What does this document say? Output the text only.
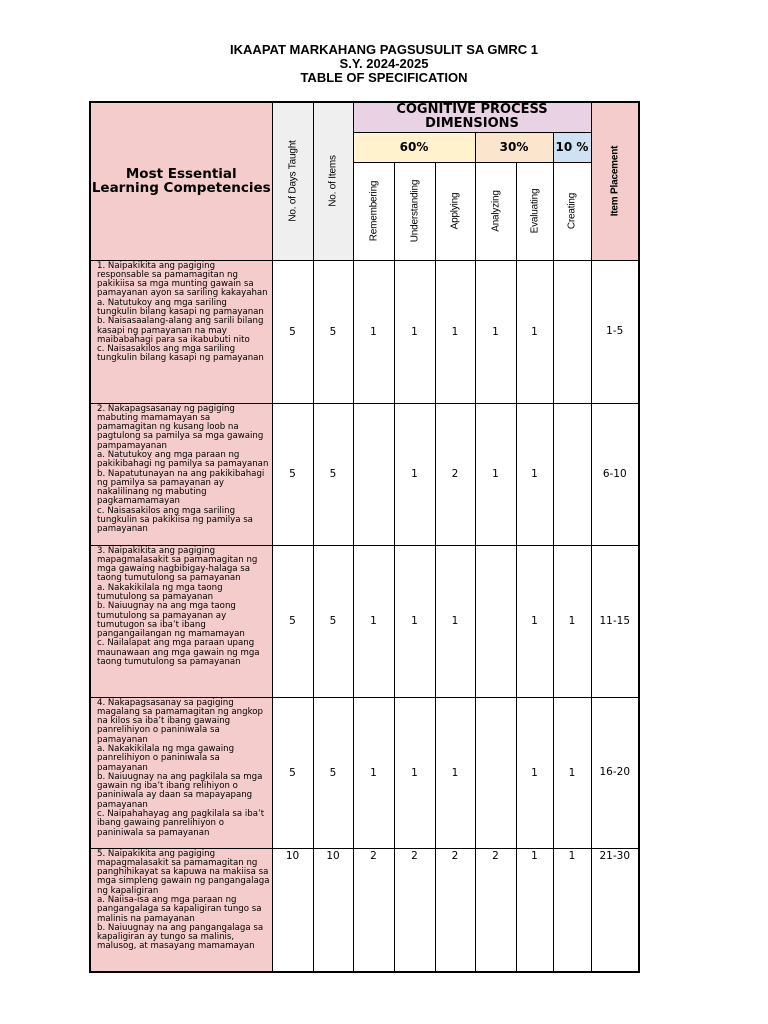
IKAAPAT MARKAHANG PAGSUSULIT SA GMRC 1
S.Y. 2024-2025
TABLE OF SPECIFICATION
Most Essential Learning Competencies	No. of Days Taught	No. of Items	COGNITIVE PROCESS DIMENSIONS						Item Placement

			60%			30%		10 %	

			Remembering	Understanding	Applying	Analyzing	Evaluating	Creating	

1. Naipakikita ang pagiging responsable sa pamamagitan ng pakikiisa sa mga munting gawain sa pamayanan ayon sa sariling kakayahan
a. Natutukoy ang mga sariling tungkulin bilang kasapi ng pamayanan
b. Naisasaalang-alang ang sarili bilang kasapi ng pamayanan na may maibabahagi para sa ikabubuti nito
c. Naisasakilos ang mga sariling tungkulin bilang kasapi ng pamayanan	5	5	1	1	1	1	1		1-5
2. Nakapagsasanay ng pagiging mabuting mamamayan sa pamamagitan ng kusang loob na pagtulong sa pamilya sa mga gawaing pampamayanan
a. Natutukoy ang mga paraan ng pakikibahagi ng pamilya sa pamayanan
b. Napatutunayan na ang pakikibahagi ng pamilya sa pamayanan ay nakalilinang ng mabuting pagkamamamayan
c. Naisasakilos ang mga sariling tungkulin sa pakikiisa ng pamilya sa pamayanan	5	5		1	2	1	1		6-10
3. Naipakikita ang pagiging mapagmalasakit sa pamamagitan ng mga gawaing nagbibigay-halaga sa taong tumutulong sa pamayanan
a. Nakakikilala ng mga taong tumutulong sa pamayanan
b. Naiuugnay na ang mga taong tumutulong sa pamayanan ay tumutugon sa iba’t ibang pangangailangan ng mamamayan
c. Nailalapat ang mga paraan upang maunawaan ang mga gawain ng mga taong tumutulong sa pamayanan	5	5	1	1	1		1	1	11-15
4. Nakapagsasanay sa pagiging magalang sa pamamagitan ng angkop na kilos sa iba’t ibang gawaing panrelihiyon o paniniwala sa pamayanan
a. Nakakikilala ng mga gawaing panrelihiyon o paniniwala sa pamayanan
b. Naiuugnay na ang pagkilala sa mga gawain ng iba’t ibang relihiyon o paniniwala ay daan sa mapayapang pamayanan
c. Naipahahayag ang pagkilala sa iba’t ibang gawaing panrelihiyon o paniniwala sa pamayanan	5	5	1	1	1		1	1	16-20
5. Naipakikita ang pagiging mapagmalasakit sa pamamagitan ng panghihikayat sa kapuwa na makiisa sa mga simpleng gawain ng pangangalaga ng kapaligiran
a. Naiisa-isa ang mga paraan ng pangangalaga sa kapaligiran tungo sa malinis na pamayanan
b. Naiuugnay na ang pangangalaga sa kapaligiran ay tungo sa malinis, malusog, at masayang mamamayan	10	10	2	2	2	2	1	1	21-30
